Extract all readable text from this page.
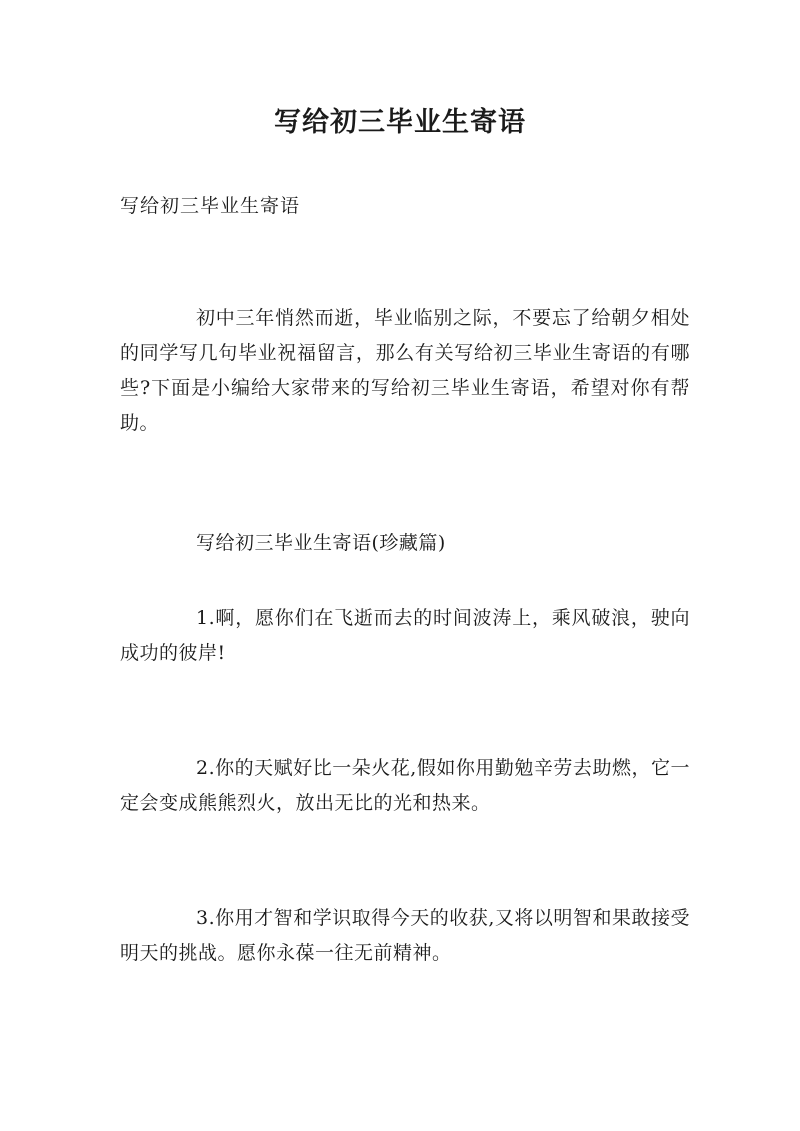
写给初三毕业生寄语
写给初三毕业生寄语
初中三年悄然而逝，毕业临别之际，不要忘了给朝夕相处的同学写几句毕业祝福留言，那么有关写给初三毕业生寄语的有哪些?下面是小编给大家带来的写给初三毕业生寄语，希望对你有帮助。
写给初三毕业生寄语(珍藏篇)
1.啊，愿你们在飞逝而去的时间波涛上，乘风破浪，驶向成功的彼岸!
2.你的天赋好比一朵火花,假如你用勤勉辛劳去助燃，它一定会变成熊熊烈火，放出无比的光和热来。
3.你用才智和学识取得今天的收获,又将以明智和果敢接受明天的挑战。愿你永葆一往无前精神。
